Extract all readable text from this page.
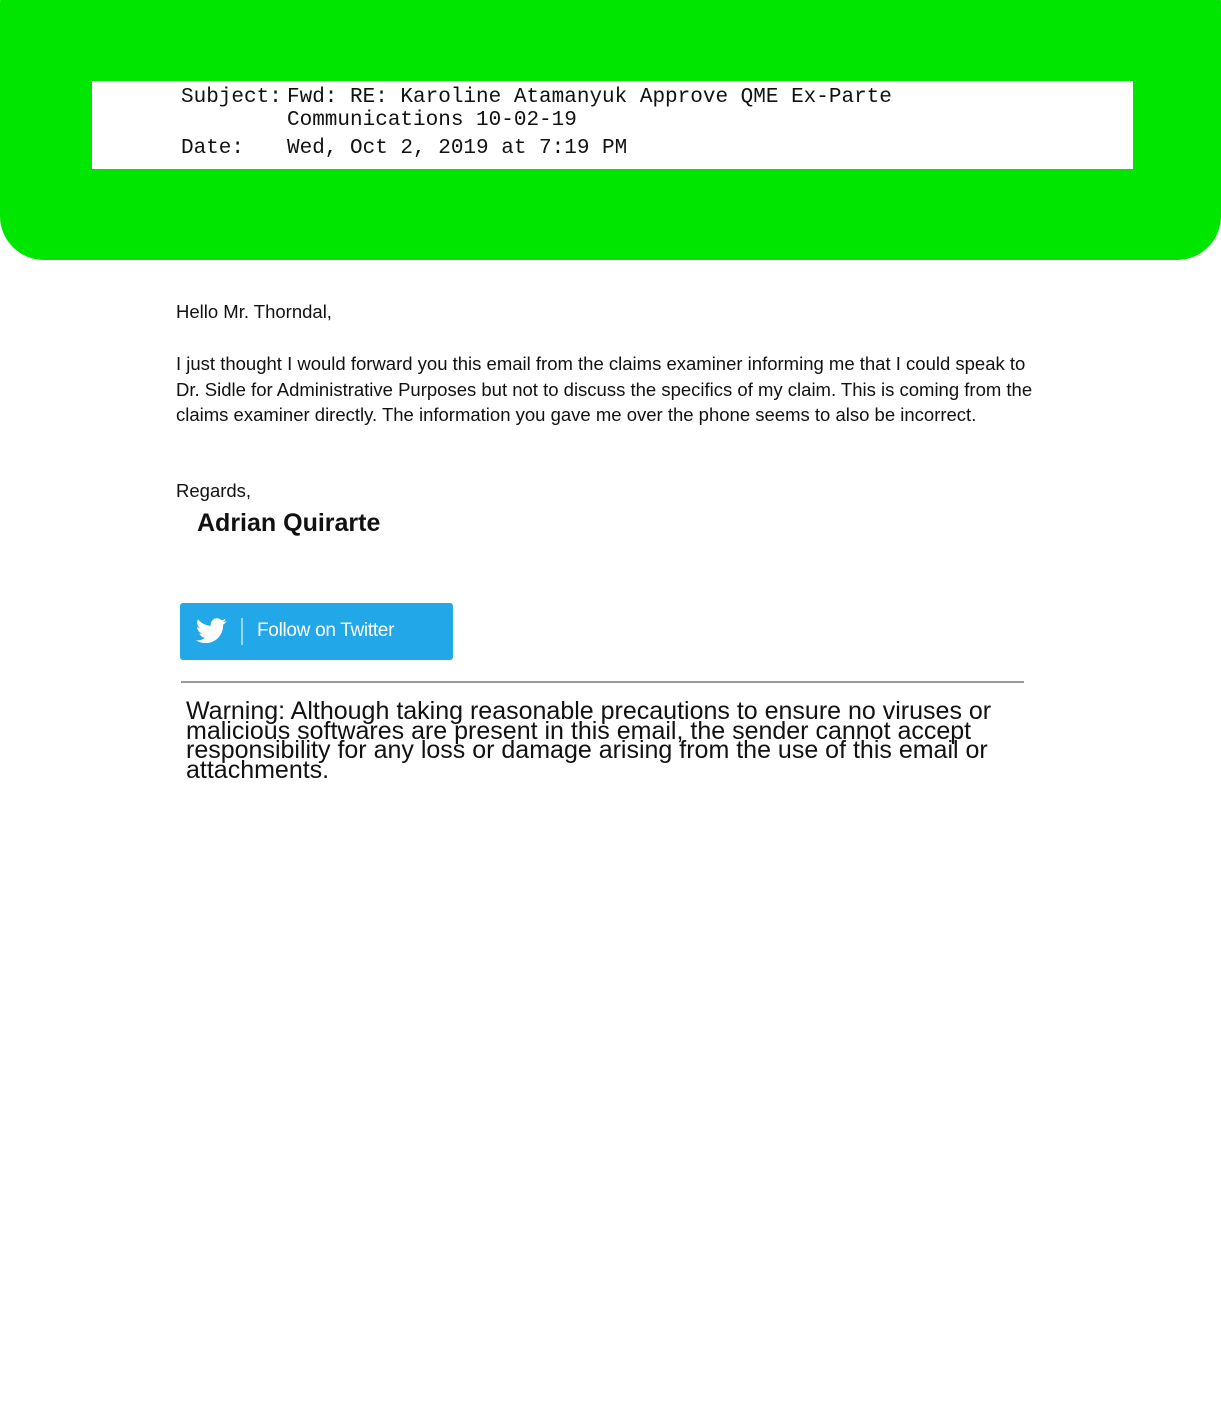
Subject: Fwd: RE: Karoline Atamanyuk Approve QME Ex-Parte Communications 10-02-19
Date: Wed, Oct 2, 2019 at 7:19 PM
Hello Mr. Thorndal,
I just thought I would forward you this email from the claims examiner informing me that I could speak to Dr. Sidle for Administrative Purposes but not to discuss the specifics of my claim. This is coming from the claims examiner directly. The information you gave me over the phone seems to also be incorrect.
Regards,
Adrian Quirarte
Follow on Twitter
Warning: Although taking reasonable precautions to ensure no viruses or malicious softwares are present in this email, the sender cannot accept responsibility for any loss or damage arising from the use of this email or attachments.
